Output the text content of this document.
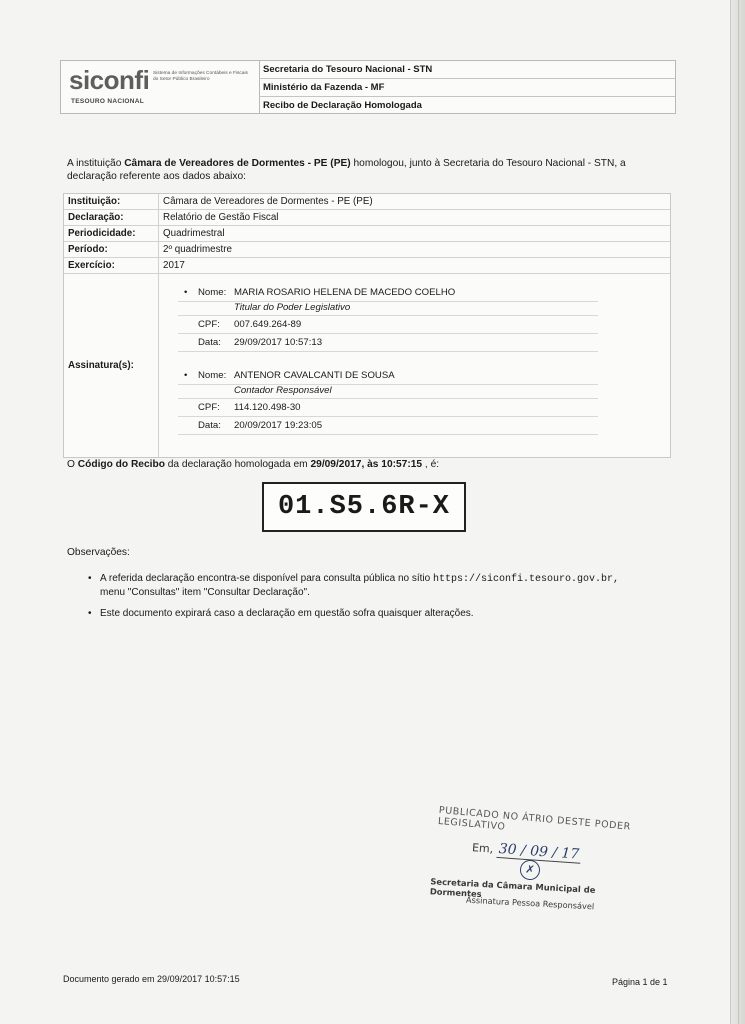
siconfi Sistema de Informações Contábeis e Fiscais do Setor Público Brasileiro
TESOURO NACIONAL
Secretaria do Tesouro Nacional - STN
Ministério da Fazenda - MF
Recibo de Declaração Homologada
A instituição Câmara de Vereadores de Dormentes - PE (PE) homologou, junto à Secretaria do Tesouro Nacional - STN, a declaração referente aos dados abaixo:
Instituição:	Câmara de Vereadores de Dormentes - PE (PE)
Declaração:	Relatório de Gestão Fiscal
Periodicidade:	Quadrimestral
Período:	2º quadrimestre
Exercício:	2017
Assinatura(s):
•	Nome: MARIA ROSARIO HELENA DE MACEDO COELHO
Titular do Poder Legislativo
CPF:	007.649.264-89
Data:	29/09/2017 10:57:13
•	Nome: ANTENOR CAVALCANTI DE SOUSA
Contador Responsável
CPF:	114.120.498-30
Data:	20/09/2017 19:23:05
O Código do Recibo da declaração homologada em 29/09/2017, às 10:57:15 , é:
01.S5.6R-X
Observações:
• A referida declaração encontra-se disponível para consulta pública no sítio https://siconfi.tesouro.gov.br,
menu "Consultas" item "Consultar Declaração".
• Este documento expirará caso a declaração em questão sofra quaisquer alterações.
PUBLICADO NO ÁTRIO DESTE PODER LEGISLATIVO
Em, 30 / 09 / 17
✗
Secretaria da Câmara Municipal de Dormentes
Assinatura Pessoa Responsável
Documento gerado em 29/09/2017 10:57:15	Página 1 de 1
